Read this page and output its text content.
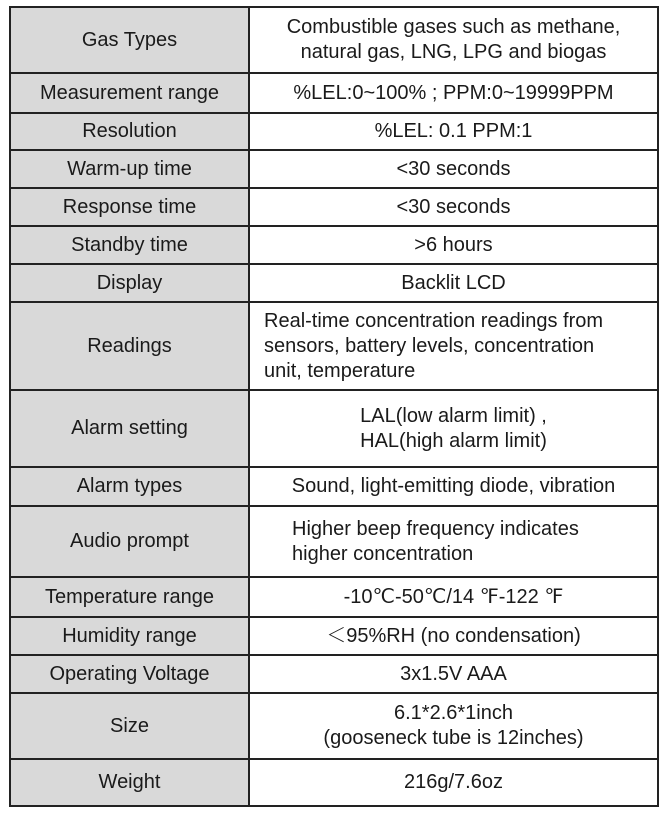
Gas Types	Combustible gases such as methane,
natural gas, LNG, LPG and biogas

Measurement range	%LEL:0~100% ; PPM:0~19999PPM

Resolution	%LEL: 0.1 PPM:1

Warm-up time	<30 seconds

Response time	<30 seconds

Standby time	>6 hours

Display	Backlit LCD

Readings	Real-time concentration readings from
sensors, battery levels, concentration
unit, temperature

Alarm setting	LAL(low alarm limit) ,
HAL(high alarm limit)

Alarm types	Sound, light-emitting diode, vibration

Audio prompt	Higher beep frequency indicates
higher concentration

Temperature range	-10℃-50℃/14 ℉-122 ℉

Humidity range	＜95%RH (no condensation)

Operating Voltage	3x1.5V AAA

Size	6.1*2.6*1inch
(gooseneck tube is 12inches)

Weight	216g/7.6oz
